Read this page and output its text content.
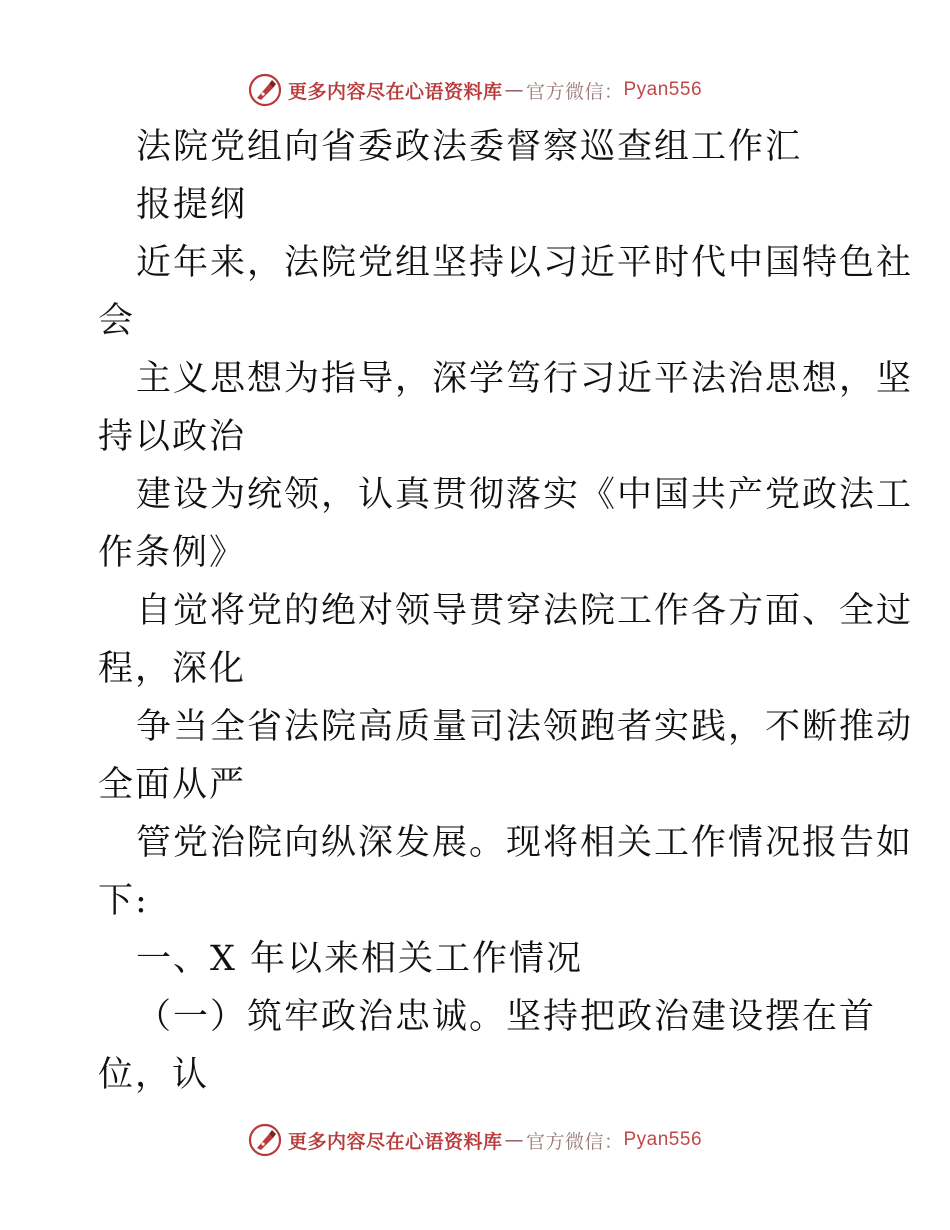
更多内容尽在心语资料库 — 官方微信： Pyan556
法院党组向省委政法委督察巡查组工作汇
报提纲
近年来，法院党组坚持以习近平时代中国特色社
会
主义思想为指导，深学笃行习近平法治思想，坚
持以政治
建设为统领，认真贯彻落实《中国共产党政法工
作条例》
自觉将党的绝对领导贯穿法院工作各方面、全过
程，深化
争当全省法院高质量司法领跑者实践，不断推动
全面从严
管党治院向纵深发展。现将相关工作情况报告如
下:
一、X 年以来相关工作情况
（一）筑牢政治忠诚。坚持把政治建设摆在首
位，认
更多内容尽在心语资料库 — 官方微信： Pyan556
